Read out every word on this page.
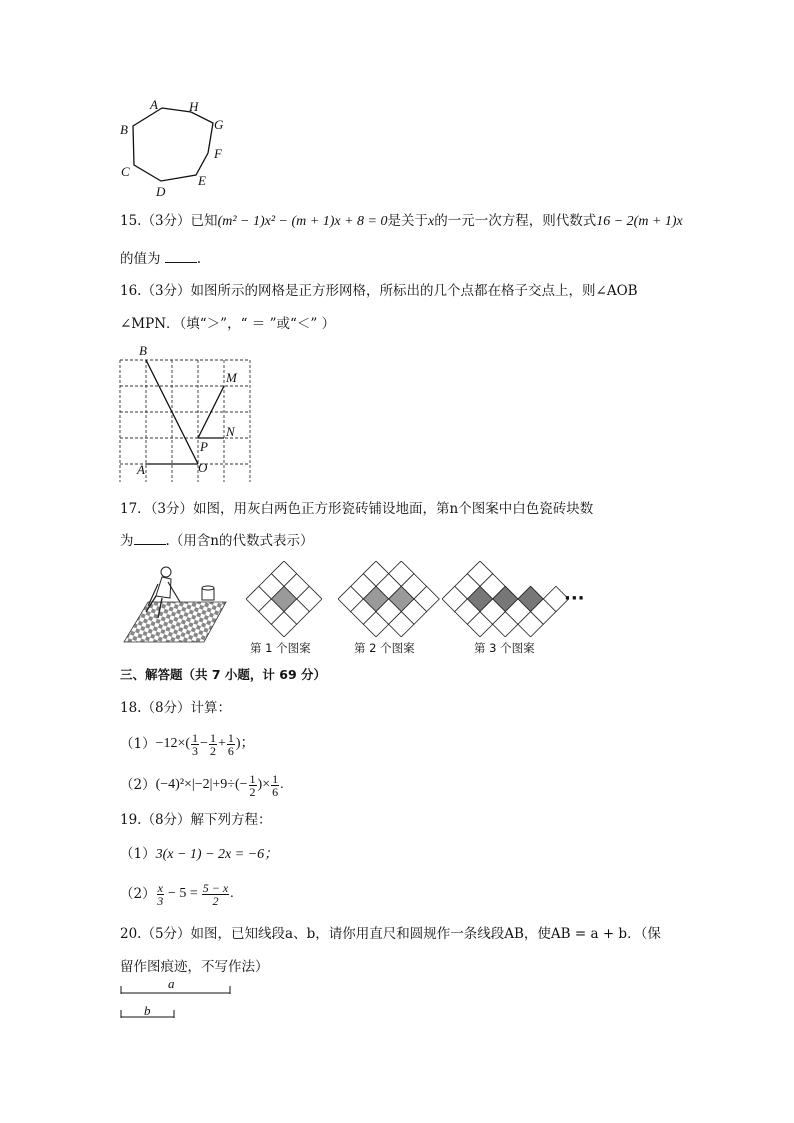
A H
G
F
E
D
C
B
15.（3分）已知(m² − 1)x² − (m + 1)x + 8 = 0是关于x的一元一次方程，则代数式16 − 2(m + 1)x
的值为	.
16.（3分）如图所示的网格是正方形网格，所标出的几个点都在格子交点上，则∠AOB
∠MPN．（填“＞”，“ ＝ ”或“＜” ）
B
M
N
P
A	O
17．（3分）如图，用灰白两色正方形瓷砖铺设地面，第n个图案中白色瓷砖块数
为 .（用含n的代数式表示）
···
第 1 个图案	第 2 个图案	第 3 个图案
三、解答题（共 7 小题，计 69 分）
18.（8分）计算：
$(1) -12\times( \frac{1}{3} - \frac{1}{2} + \frac{1}{6}$ )；
（2） $(-4)^2\times|-2|+9\div(- \frac{1}{2}$ )× $\frac{1}{6}$ .
19.（8分）解下列方程：
（1）3(x − 1) − 2x = −6；
$(2) \frac{x}{3} - 5 = \frac{5 - x}{2}$ .
20.（5分）如图，已知线段a、b，请你用直尺和圆规作一条线段AB，使AB = a + b．（保
留作图痕迹，不写作法）
a
b
